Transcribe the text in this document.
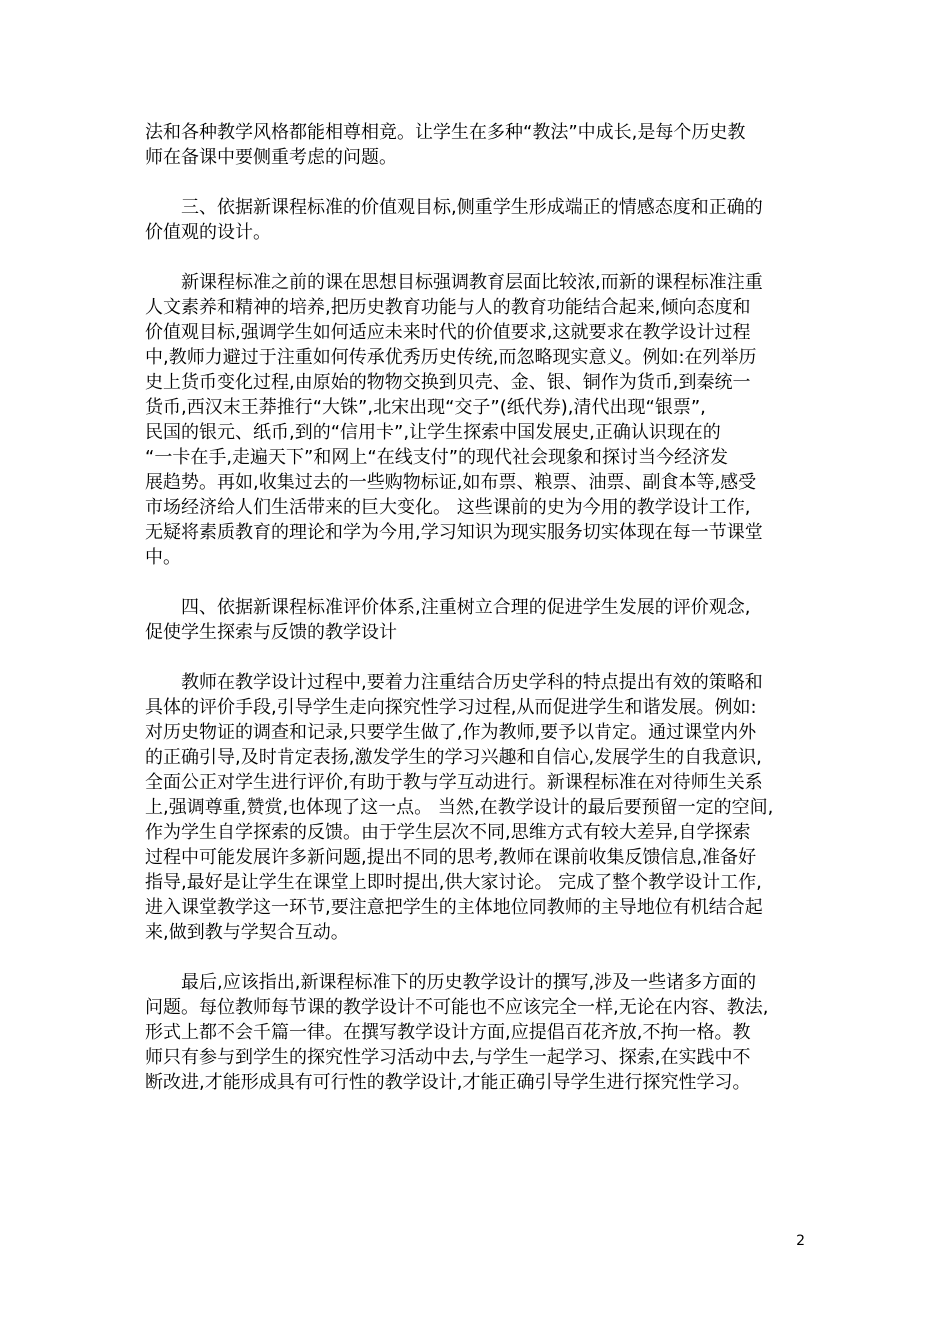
法和各种教学风格都能相尊相竟。让学生在多种“教法”中成长,是每个历史教
师在备课中要侧重考虑的问题。

三、依据新课程标准的价值观目标,侧重学生形成端正的情感态度和正确的
价值观的设计。

新课程标准之前的课在思想目标强调教育层面比较浓,而新的课程标准注重
人文素养和精神的培养,把历史教育功能与人的教育功能结合起来,倾向态度和
价值观目标,强调学生如何适应未来时代的价值要求,这就要求在教学设计过程
中,教师力避过于注重如何传承优秀历史传统,而忽略现实意义。例如:在列举历
史上货币变化过程,由原始的物物交换到贝壳、金、银、铜作为货币,到秦统一
货币,西汉末王莽推行“大铢”,北宋出现“交子”(纸代券),清代出现“银票”,
民国的银元、纸币,到的“信用卡”,让学生探索中国发展史,正确认识现在的
“一卡在手,走遍天下”和网上“在线支付”的现代社会现象和探讨当今经济发
展趋势。再如,收集过去的一些购物标证,如布票、粮票、油票、副食本等,感受
市场经济给人们生活带来的巨大变化。 这些课前的史为今用的教学设计工作,
无疑将素质教育的理论和学为今用,学习知识为现实服务切实体现在每一节课堂
中。

四、依据新课程标准评价体系,注重树立合理的促进学生发展的评价观念,
促使学生探索与反馈的教学设计

教师在教学设计过程中,要着力注重结合历史学科的特点提出有效的策略和
具体的评价手段,引导学生走向探究性学习过程,从而促进学生和谐发展。例如:
对历史物证的调查和记录,只要学生做了,作为教师,要予以肯定。通过课堂内外
的正确引导,及时肯定表扬,激发学生的学习兴趣和自信心,发展学生的自我意识,
全面公正对学生进行评价,有助于教与学互动进行。新课程标准在对待师生关系
上,强调尊重,赞赏,也体现了这一点。 当然,在教学设计的最后要预留一定的空间,
作为学生自学探索的反馈。由于学生层次不同,思维方式有较大差异,自学探索
过程中可能发展许多新问题,提出不同的思考,教师在课前收集反馈信息,准备好
指导,最好是让学生在课堂上即时提出,供大家讨论。 完成了整个教学设计工作,
进入课堂教学这一环节,要注意把学生的主体地位同教师的主导地位有机结合起
来,做到教与学契合互动。

最后,应该指出,新课程标准下的历史教学设计的撰写,涉及一些诸多方面的
问题。每位教师每节课的教学设计不可能也不应该完全一样,无论在内容、教法,
形式上都不会千篇一律。在撰写教学设计方面,应提倡百花齐放,不拘一格。教
师只有参与到学生的探究性学习活动中去,与学生一起学习、探索,在实践中不
断改进,才能形成具有可行性的教学设计,才能正确引导学生进行探究性学习。

2
